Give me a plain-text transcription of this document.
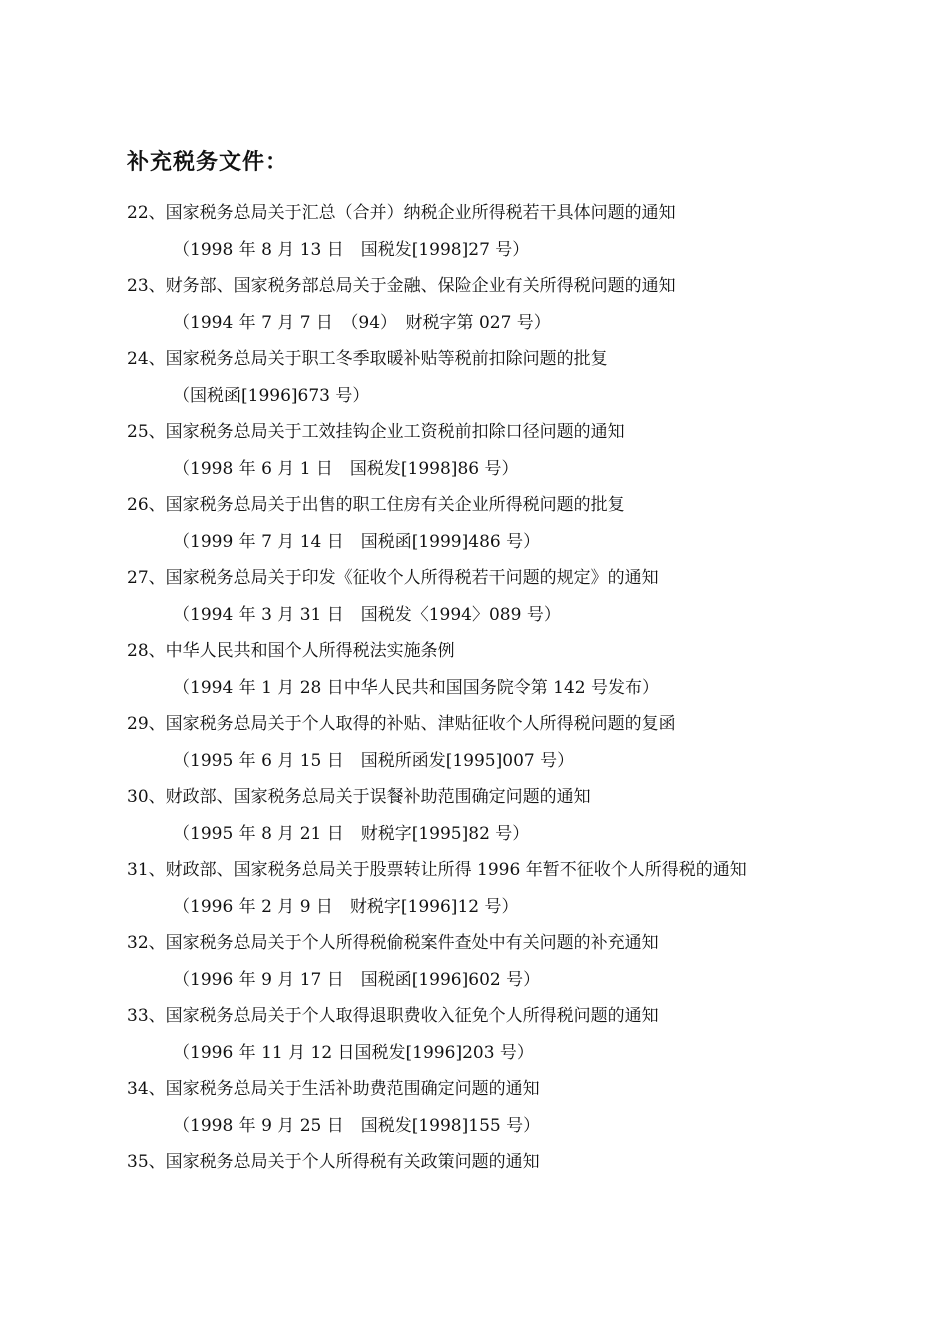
补充税务文件：
22、国家税务总局关于汇总（合并）纳税企业所得税若干具体问题的通知
（1998 年 8 月 13 日　国税发[1998]27 号）
23、财务部、国家税务部总局关于金融、保险企业有关所得税问题的通知
（1994 年 7 月 7 日　（94）　财税字第 027 号）
24、国家税务总局关于职工冬季取暖补贴等税前扣除问题的批复
（国税函[1996]673 号）
25、国家税务总局关于工效挂钩企业工资税前扣除口径问题的通知
（1998 年 6 月 1 日　国税发[1998]86 号）
26、国家税务总局关于出售的职工住房有关企业所得税问题的批复
（1999 年 7 月 14 日　国税函[1999]486 号）
27、国家税务总局关于印发《征收个人所得税若干问题的规定》的通知
（1994 年 3 月 31 日　国税发〈1994〉089 号）
28、中华人民共和国个人所得税法实施条例
（1994 年 1 月 28 日中华人民共和国国务院令第 142 号发布）
29、国家税务总局关于个人取得的补贴、津贴征收个人所得税问题的复函
（1995 年 6 月 15 日　国税所函发[1995]007 号）
30、财政部、国家税务总局关于误餐补助范围确定问题的通知
（1995 年 8 月 21 日　财税字[1995]82 号）
31、财政部、国家税务总局关于股票转让所得 1996 年暂不征收个人所得税的通知
（1996 年 2 月 9 日　财税字[1996]12 号）
32、国家税务总局关于个人所得税偷税案件查处中有关问题的补充通知
（1996 年 9 月 17 日　国税函[1996]602 号）
33、国家税务总局关于个人取得退职费收入征免个人所得税问题的通知
（1996 年 11 月 12 日国税发[1996]203 号）
34、国家税务总局关于生活补助费范围确定问题的通知
（1998 年 9 月 25 日　国税发[1998]155 号）
35、国家税务总局关于个人所得税有关政策问题的通知
